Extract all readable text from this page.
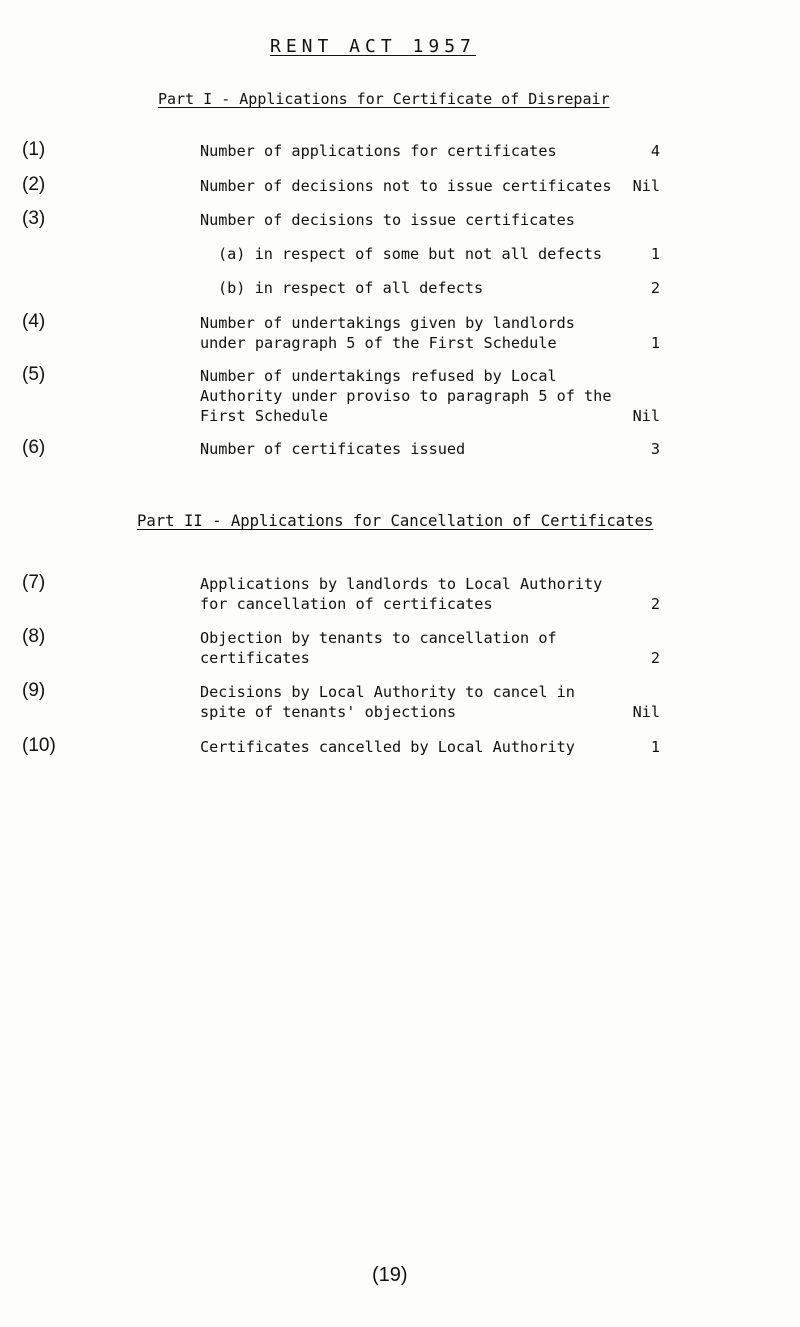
RENT ACT 1957
Part I - Applications for Certificate of Disrepair
(1)	Number of applications for certificates	4
(2)	Number of decisions not to issue certificates	Nil
(3)	Number of decisions to issue certificates
(a) in respect of some but not all defects	1
(b) in respect of all defects	2
(4)	Number of undertakings given by landlords
under paragraph 5 of the First Schedule	1
(5)	Number of undertakings refused by Local
Authority under proviso to paragraph 5 of the
First Schedule	Nil
(6)	Number of certificates issued	3
Part II - Applications for Cancellation of Certificates
(7)	Applications by landlords to Local Authority
for cancellation of certificates	2
(8)	Objection by tenants to cancellation of
certificates	2
(9)	Decisions by Local Authority to cancel in
spite of tenants' objections	Nil
(10)	Certificates cancelled by Local Authority	1
(19)
